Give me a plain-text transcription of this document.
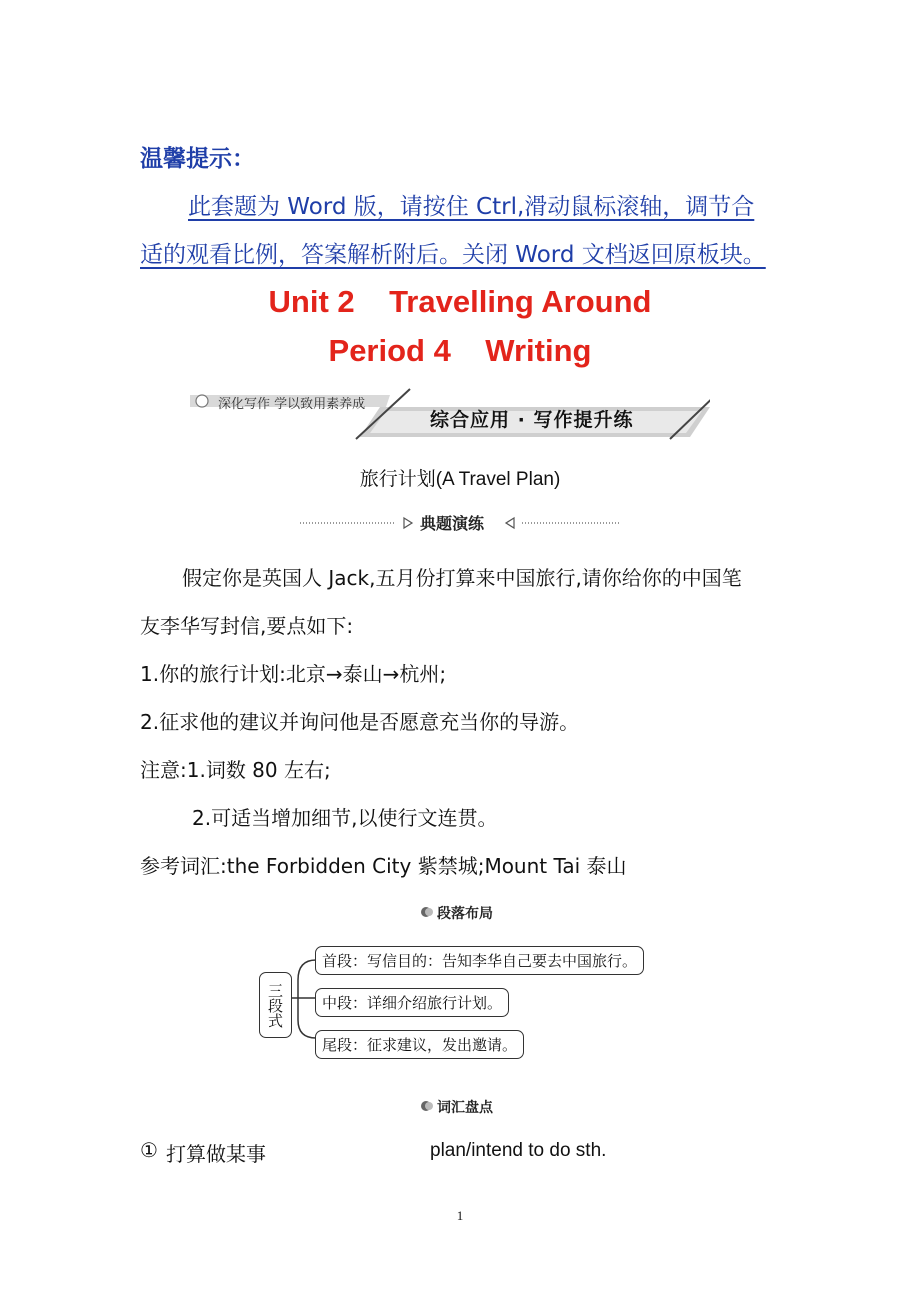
温馨提示：
此套题为 Word 版，请按住 Ctrl,滑动鼠标滚轴，调节合
适的观看比例，答案解析附后。关闭 Word 文档返回原板块。
Unit 2    Travelling Around
Period 4    Writing
深化写作 学以致用素养成
综合应用 · 写作提升练
旅行计划(A Travel Plan)
典题演练
假定你是英国人 Jack,五月份打算来中国旅行,请你给你的中国笔
友李华写封信,要点如下:
1.你的旅行计划:北京→泰山→杭州;
2.征求他的建议并询问他是否愿意充当你的导游。
注意:1.词数 80 左右;
2.可适当增加细节,以使行文连贯。
参考词汇:the Forbidden City 紫禁城;Mount Tai 泰山
段落布局
三段式
首段：写信目的：告知李华自己要去中国旅行。
中段：详细介绍旅行计划。
尾段：征求建议，发出邀请。
词汇盘点
① 打算做某事	plan/intend to do sth.
1
